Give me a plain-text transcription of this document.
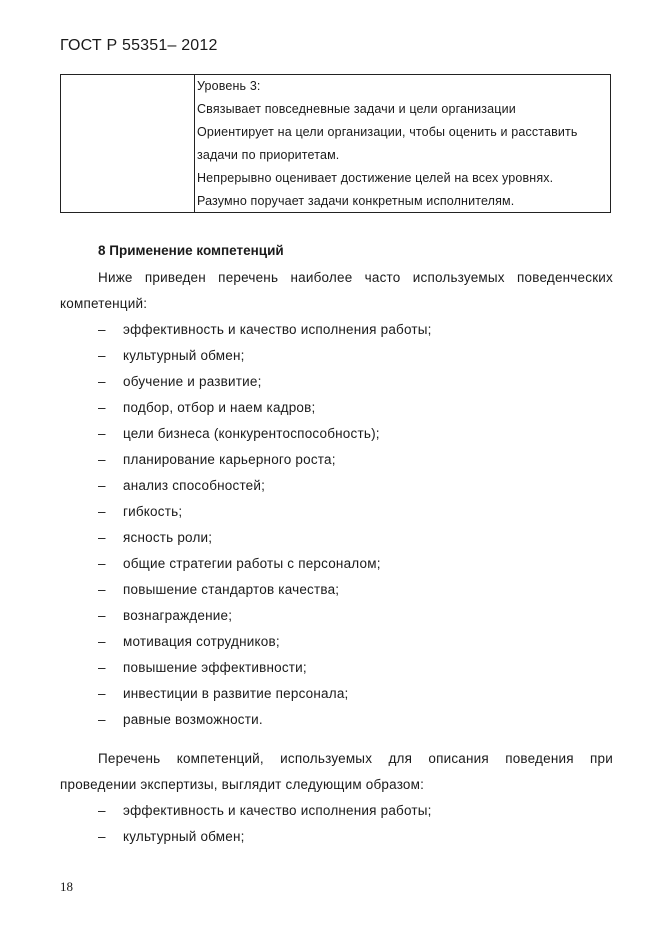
ГОСТ Р 55351– 2012
Уровень 3:
Связывает повседневные задачи и цели организации
Ориентирует на цели организации, чтобы оценить и расставить
задачи по приоритетам.
Непрерывно оценивает достижение целей на всех уровнях.
Разумно поручает задачи конкретным исполнителям.
8 Применение компетенций
Ниже приведен перечень наиболее часто используемых поведенческих
компетенций:
– эффективность и качество исполнения работы;
– культурный обмен;
– обучение и развитие;
– подбор, отбор и наем кадров;
– цели бизнеса (конкурентоспособность);
– планирование карьерного роста;
– анализ способностей;
– гибкость;
– ясность роли;
– общие стратегии работы с персоналом;
– повышение стандартов качества;
– вознаграждение;
– мотивация сотрудников;
– повышение эффективности;
– инвестиции в развитие персонала;
– равные возможности.
Перечень компетенций, используемых для описания поведения при
проведении экспертизы, выглядит следующим образом:
– эффективность и качество исполнения работы;
– культурный обмен;
18
